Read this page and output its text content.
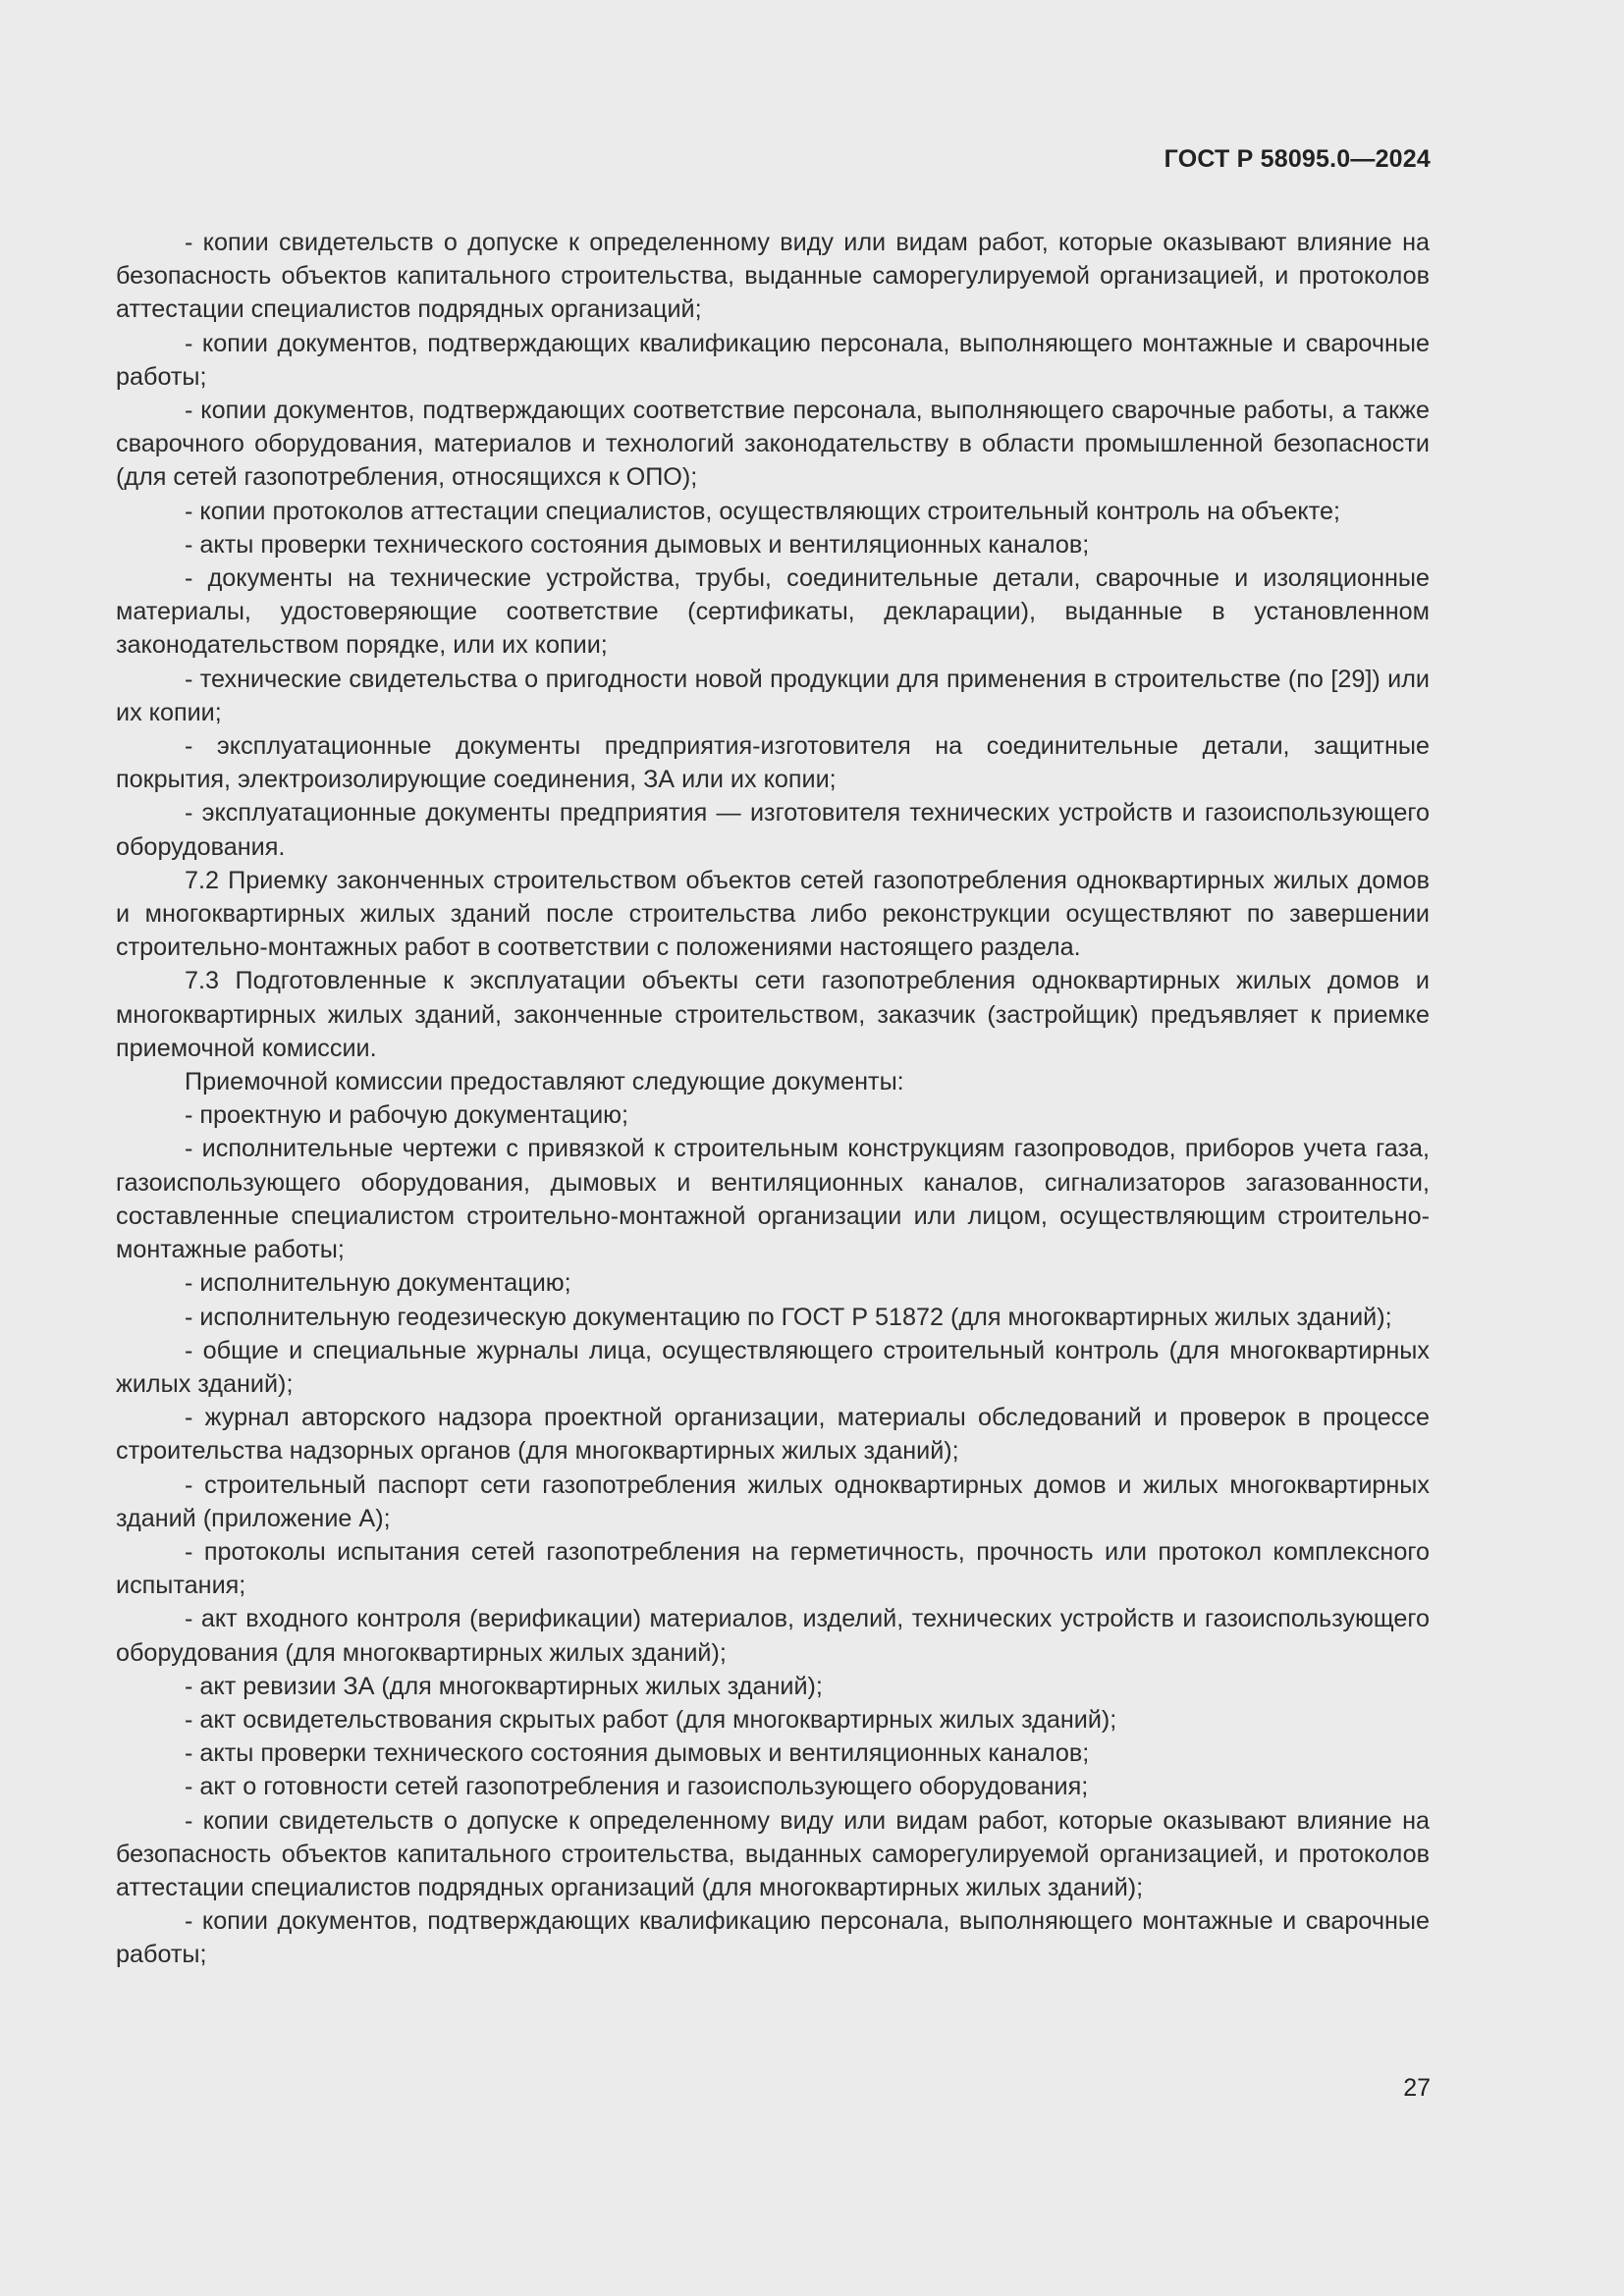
ГОСТ Р 58095.0—2024

- копии свидетельств о допуске к определенному виду или видам работ, которые оказывают влияние на безопасность объектов капитального строительства, выданные саморегулируемой организацией, и протоколов аттестации специалистов подрядных организаций;

- копии документов, подтверждающих квалификацию персонала, выполняющего монтажные и сварочные работы;

- копии документов, подтверждающих соответствие персонала, выполняющего сварочные работы, а также сварочного оборудования, материалов и технологий законодательству в области промышленной безопасности (для сетей газопотребления, относящихся к ОПО);

- копии протоколов аттестации специалистов, осуществляющих строительный контроль на объекте;

- акты проверки технического состояния дымовых и вентиляционных каналов;

- документы на технические устройства, трубы, соединительные детали, сварочные и изоляционные материалы, удостоверяющие соответствие (сертификаты, декларации), выданные в установленном законодательством порядке, или их копии;

- технические свидетельства о пригодности новой продукции для применения в строительстве (по [29]) или их копии;

- эксплуатационные документы предприятия-изготовителя на соединительные детали, защитные покрытия, электроизолирующие соединения, ЗА или их копии;

- эксплуатационные документы предприятия — изготовителя технических устройств и газоиспользующего оборудования.

7.2 Приемку законченных строительством объектов сетей газопотребления одноквартирных жилых домов и многоквартирных жилых зданий после строительства либо реконструкции осуществляют по завершении строительно-монтажных работ в соответствии с положениями настоящего раздела.

7.3 Подготовленные к эксплуатации объекты сети газопотребления одноквартирных жилых домов и многоквартирных жилых зданий, законченные строительством, заказчик (застройщик) предъявляет к приемке приемочной комиссии.

Приемочной комиссии предоставляют следующие документы:

- проектную и рабочую документацию;

- исполнительные чертежи с привязкой к строительным конструкциям газопроводов, приборов учета газа, газоиспользующего оборудования, дымовых и вентиляционных каналов, сигнализаторов загазованности, составленные специалистом строительно-монтажной организации или лицом, осуществляющим строительно-монтажные работы;

- исполнительную документацию;

- исполнительную геодезическую документацию по ГОСТ Р 51872 (для многоквартирных жилых зданий);

- общие и специальные журналы лица, осуществляющего строительный контроль (для многоквартирных жилых зданий);

- журнал авторского надзора проектной организации, материалы обследований и проверок в процессе строительства надзорных органов (для многоквартирных жилых зданий);

- строительный паспорт сети газопотребления жилых одноквартирных домов и жилых многоквартирных зданий (приложение А);

- протоколы испытания сетей газопотребления на герметичность, прочность или протокол комплексного испытания;

- акт входного контроля (верификации) материалов, изделий, технических устройств и газоиспользующего оборудования (для многоквартирных жилых зданий);

- акт ревизии ЗА (для многоквартирных жилых зданий);

- акт освидетельствования скрытых работ (для многоквартирных жилых зданий);

- акты проверки технического состояния дымовых и вентиляционных каналов;

- акт о готовности сетей газопотребления и газоиспользующего оборудования;

- копии свидетельств о допуске к определенному виду или видам работ, которые оказывают влияние на безопасность объектов капитального строительства, выданных саморегулируемой организацией, и протоколов аттестации специалистов подрядных организаций (для многоквартирных жилых зданий);

- копии документов, подтверждающих квалификацию персонала, выполняющего монтажные и сварочные работы;

27
